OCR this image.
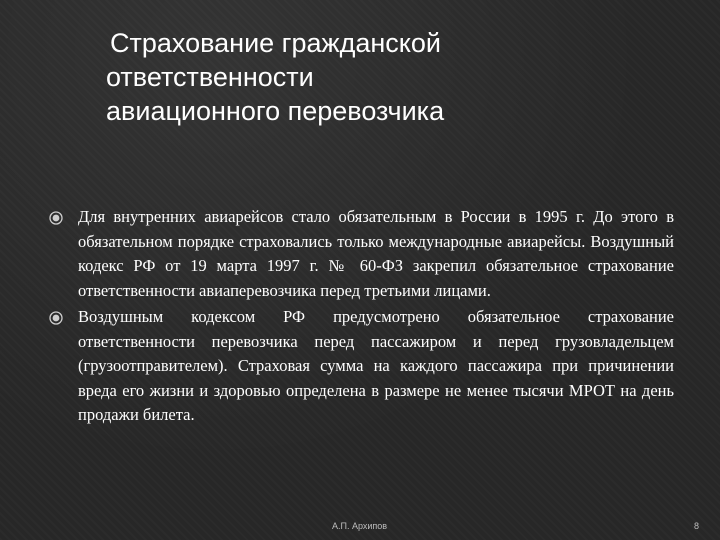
Страхование гражданской
ответственности
авиационного перевозчика
Для внутренних авиарейсов стало обязательным в России в 1995 г. До этого в обязательном порядке страховались только международные авиарейсы. Воздушный кодекс РФ от 19 марта 1997 г. № 60-ФЗ закрепил обязательное страхование ответственности авиаперевозчика перед третьими лицами.
Воздушным кодексом РФ предусмотрено обязательное страхование ответственности перевозчика перед пассажиром и перед грузовладельцем (грузоотправителем). Страховая сумма на каждого пассажира при причинении вреда его жизни и здоровью определена в размере не менее тысячи МРОТ на день продажи билета.
А.П. Архипов	8
